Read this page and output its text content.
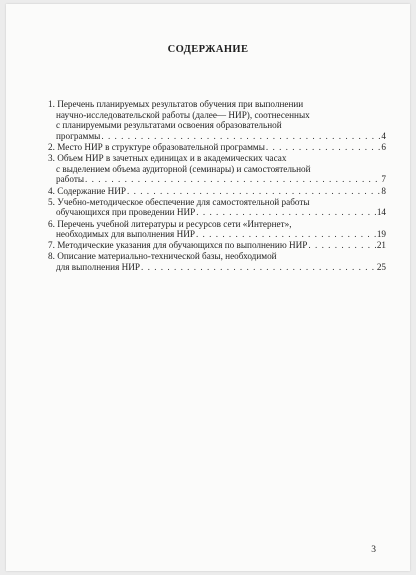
СОДЕРЖАНИЕ
1. Перечень планируемых результатов обучения при выполнении
научно-исследовательской работы (далее— НИР), соотнесенных
с планируемыми результатами освоения образовательной
программы . . .	4
2. Место НИР в структуре образовательной программы . . .	6
3. Объем НИР в зачетных единицах и в академических часах
с выделением объема аудиторной (семинары) и самостоятельной
работы . . .	7
4. Содержание НИР . . .	8
5. Учебно-методическое обеспечение для самостоятельной работы
обучающихся при проведении НИР . . .	14
6. Перечень учебной литературы и ресурсов сети «Интернет»,
необходимых для выполнения НИР . . .	19
7. Методические указания для обучающихся по выполнению НИР . . .	21
8. Описание материально-технической базы, необходимой
для выполнения НИР . . .	25
3
